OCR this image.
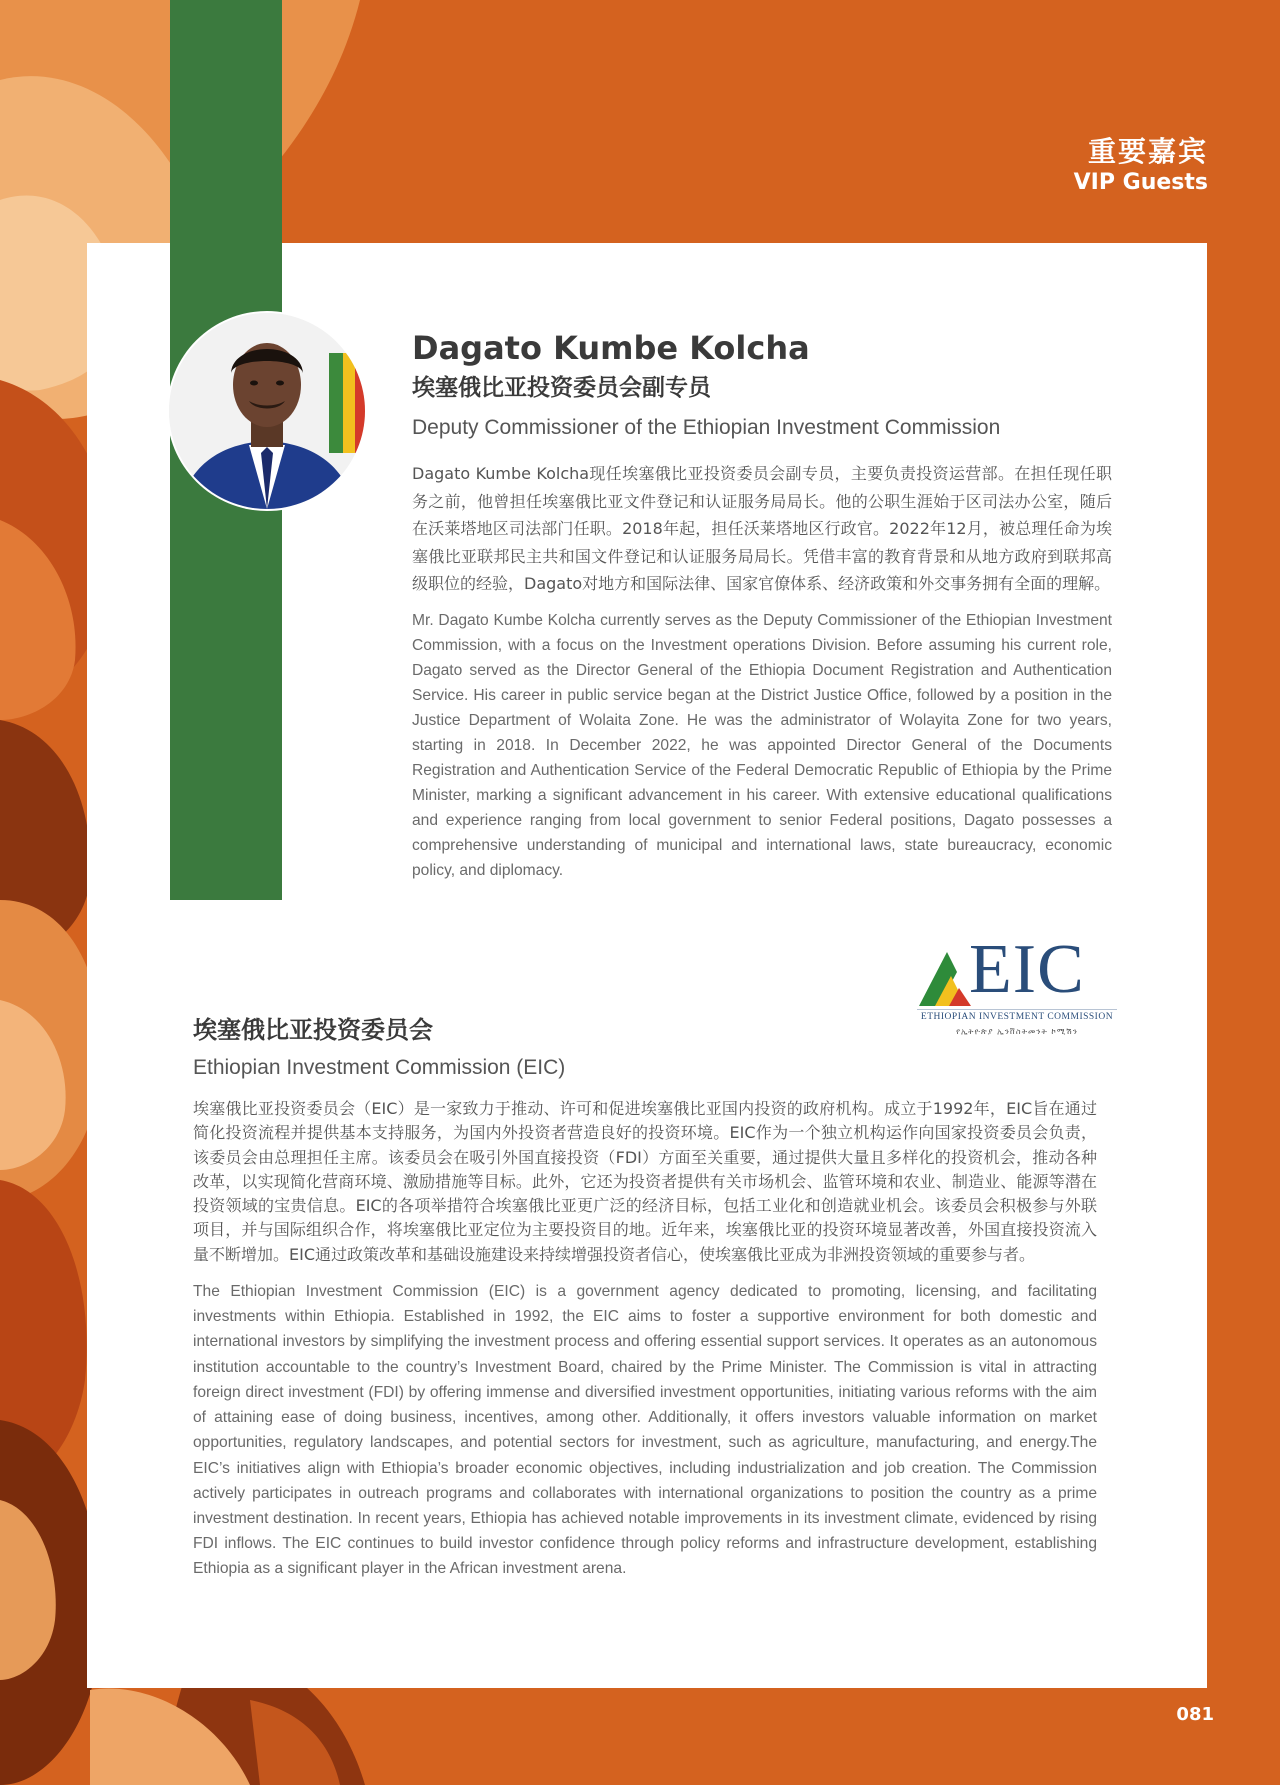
重要嘉宾
VIP Guests
Dagato Kumbe Kolcha
埃塞俄比亚投资委员会副专员
Deputy Commissioner of the Ethiopian Investment Commission

Dagato Kumbe Kolcha现任埃塞俄比亚投资委员会副专员，主要负责投资运营部。在担任现任职务之前，他曾担任埃塞俄比亚文件登记和认证服务局局长。他的公职生涯始于区司法办公室，随后在沃莱塔地区司法部门任职。2018年起，担任沃莱塔地区行政官。2022年12月，被总理任命为埃塞俄比亚联邦民主共和国文件登记和认证服务局局长。凭借丰富的教育背景和从地方政府到联邦高级职位的经验，Dagato对地方和国际法律、国家官僚体系、经济政策和外交事务拥有全面的理解。

Mr. Dagato Kumbe Kolcha currently serves as the Deputy Commissioner of the Ethiopian Investment Commission, with a focus on the Investment operations Division. Before assuming his current role, Dagato served as the Director General of the Ethiopia Document Registration and Authentication Service. His career in public service began at the District Justice Office, followed by a position in the Justice Department of Wolaita Zone. He was the administrator of Wolayita Zone for two years, starting in 2018. In December 2022, he was appointed Director General of the Documents Registration and Authentication Service of the Federal Democratic Republic of Ethiopia by the Prime Minister, marking a significant advancement in his career. With extensive educational qualifications and experience ranging from local government to senior Federal positions, Dagato possesses a comprehensive understanding of municipal and international laws, state bureaucracy, economic policy, and diplomacy.

EIC
ETHIOPIAN INVESTMENT COMMISSION
የኢትዮጵያ ኢንቨስትመንት ኮሚሽን
埃塞俄比亚投资委员会
Ethiopian Investment Commission (EIC)

埃塞俄比亚投资委员会（EIC）是一家致力于推动、许可和促进埃塞俄比亚国内投资的政府机构。成立于1992年，EIC旨在通过简化投资流程并提供基本支持服务，为国内外投资者营造良好的投资环境。EIC作为一个独立机构运作向国家投资委员会负责，该委员会由总理担任主席。该委员会在吸引外国直接投资（FDI）方面至关重要，通过提供大量且多样化的投资机会，推动各种改革，以实现简化营商环境、激励措施等目标。此外，它还为投资者提供有关市场机会、监管环境和农业、制造业、能源等潜在投资领域的宝贵信息。EIC的各项举措符合埃塞俄比亚更广泛的经济目标，包括工业化和创造就业机会。该委员会积极参与外联项目，并与国际组织合作，将埃塞俄比亚定位为主要投资目的地。近年来，埃塞俄比亚的投资环境显著改善，外国直接投资流入量不断增加。EIC通过政策改革和基础设施建设来持续增强投资者信心，使埃塞俄比亚成为非洲投资领域的重要参与者。

The Ethiopian Investment Commission (EIC) is a government agency dedicated to promoting, licensing, and facilitating investments within Ethiopia. Established in 1992, the EIC aims to foster a supportive environment for both domestic and international investors by simplifying the investment process and offering essential support services. It operates as an autonomous institution accountable to the country’s Investment Board, chaired by the Prime Minister. The Commission is vital in attracting foreign direct investment (FDI) by offering immense and diversified investment opportunities, initiating various reforms with the aim of attaining ease of doing business, incentives, among other. Additionally, it offers investors valuable information on market opportunities, regulatory landscapes, and potential sectors for investment, such as agriculture, manufacturing, and energy.The EIC’s initiatives align with Ethiopia’s broader economic objectives, including industrialization and job creation. The Commission actively participates in outreach programs and collaborates with international organizations to position the country as a prime investment destination. In recent years, Ethiopia has achieved notable improvements in its investment climate, evidenced by rising FDI inflows. The EIC continues to build investor confidence through policy reforms and infrastructure development, establishing Ethiopia as a significant player in the African investment arena.

081
